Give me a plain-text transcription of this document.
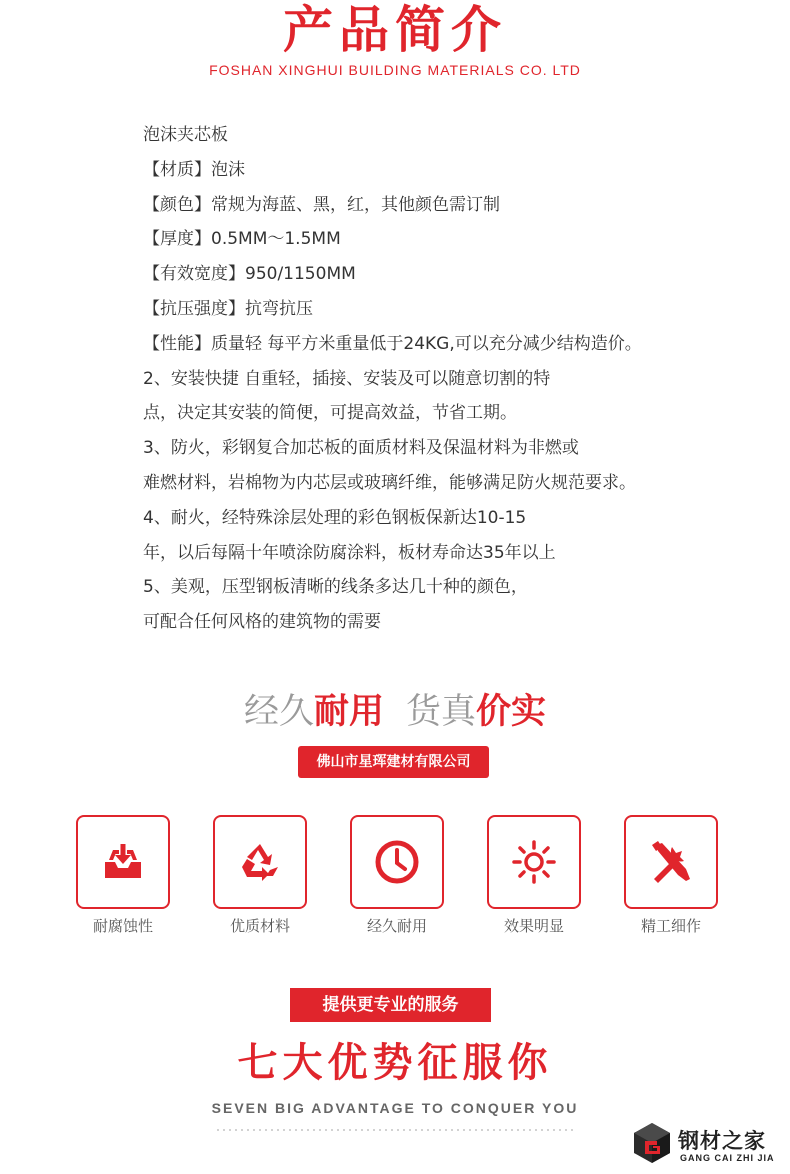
产品简介
FOSHAN XINGHUI BUILDING MATERIALS CO. LTD
泡沫夹芯板
【材质】泡沫
【颜色】常规为海蓝、黑，红，其他颜色需订制
【厚度】0.5MM～1.5MM
【有效宽度】950/1150MM
【抗压强度】抗弯抗压
【性能】质量轻 每平方米重量低于24KG,可以充分减少结构造价。
2、安装快捷 自重轻，插接、安装及可以随意切割的特
点，决定其安装的简便，可提高效益，节省工期。
3、防火，彩钢复合加芯板的面质材料及保温材料为非燃或
难燃材料，岩棉物为内芯层或玻璃纤维，能够满足防火规范要求。
4、耐火，经特殊涂层处理的彩色钢板保新达10-15
年，以后每隔十年喷涂防腐涂料，板材寿命达35年以上
5、美观，压型钢板清晰的线条多达几十种的颜色，
可配合任何风格的建筑物的需要
经久耐用 货真价实
佛山市星珲建材有限公司
耐腐蚀性	优质材料	经久耐用	效果明显	精工细作
提供更专业的服务
七大优势征服你
SEVEN BIG ADVANTAGE TO CONQUER YOU
钢材之家
GANG CAI ZHI JIA
